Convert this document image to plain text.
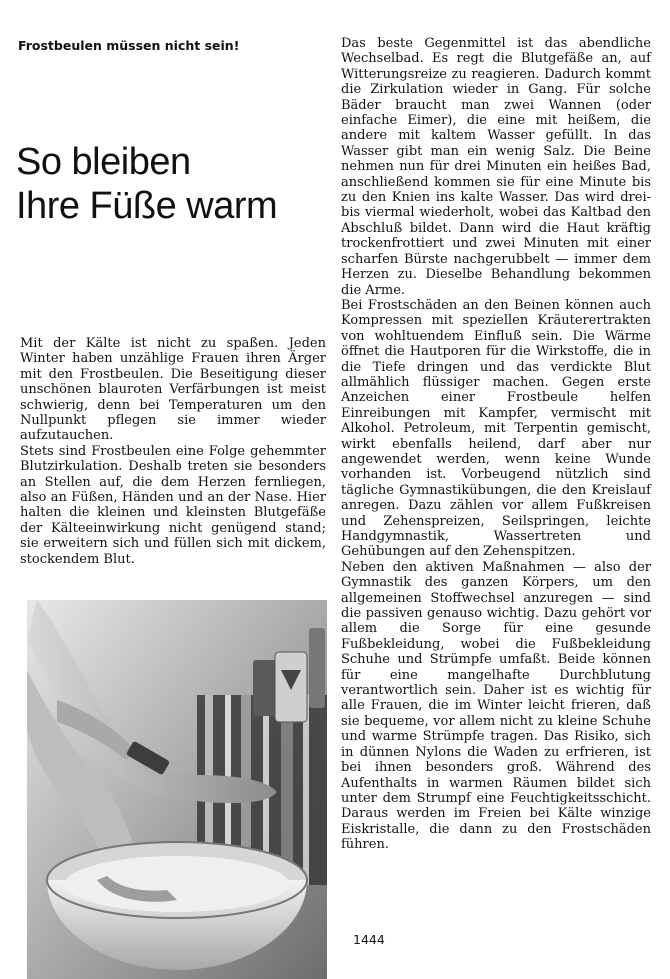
Frostbeulen müssen nicht sein!
So bleiben
Ihre Füße warm

Mit der Kälte ist nicht zu spaßen. Jeden Winter haben unzählige Frauen ihren Ärger mit den Frostbeulen. Die Beseitigung dieser unschönen blauroten Verfärbungen ist meist schwierig, denn bei Temperaturen um den Nullpunkt pflegen sie immer wieder aufzutauchen.

Stets sind Frostbeulen eine Folge gehemmter Blutzirkulation. Deshalb treten sie besonders an Stellen auf, die dem Herzen fernliegen, also an Füßen, Händen und an der Nase. Hier halten die kleinen und kleinsten Blutgefäße der Kälteeinwirkung nicht genügend stand; sie erweitern sich und füllen sich mit dickem, stockendem Blut.

Das beste Gegenmittel ist das abendliche Wechselbad. Es regt die Blutgefäße an, auf Witterungsreize zu reagieren. Dadurch kommt die Zirkulation wieder in Gang. Für solche Bäder braucht man zwei Wannen (oder einfache Eimer), die eine mit heißem, die andere mit kaltem Wasser gefüllt. In das Wasser gibt man ein wenig Salz. Die Beine nehmen nun für drei Minuten ein heißes Bad, anschließend kommen sie für eine Minute bis zu den Knien ins kalte Wasser. Das wird drei- bis viermal wiederholt, wobei das Kaltbad den Abschluß bildet. Dann wird die Haut kräftig trockenfrottiert und zwei Minuten mit einer scharfen Bürste nachgerubbelt — immer dem Herzen zu. Dieselbe Behandlung bekommen die Arme.

Bei Frostschäden an den Beinen können auch Kompressen mit speziellen Kräuterertrakten von wohltuendem Einfluß sein. Die Wärme öffnet die Hautporen für die Wirkstoffe, die in die Tiefe dringen und das verdickte Blut allmählich flüssiger machen. Gegen erste Anzeichen einer Frostbeule helfen Einreibungen mit Kampfer, vermischt mit Alkohol. Petroleum, mit Terpentin gemischt, wirkt ebenfalls heilend, darf aber nur angewendet werden, wenn keine Wunde vorhanden ist. Vorbeugend nützlich sind tägliche Gymnastikübungen, die den Kreislauf anregen. Dazu zählen vor allem Fußkreisen und Zehenspreizen, Seilspringen, leichte Handgymnastik, Wassertreten und Gehübungen auf den Zehenspitzen.

Neben den aktiven Maßnahmen — also der Gymnastik des ganzen Körpers, um den allgemeinen Stoffwechsel anzuregen — sind die passiven genauso wichtig. Dazu gehört vor allem die Sorge für eine gesunde Fußbekleidung, wobei die Fußbekleidung Schuhe und Strümpfe umfaßt. Beide können für eine mangelhafte Durchblutung verantwortlich sein. Daher ist es wichtig für alle Frauen, die im Winter leicht frieren, daß sie bequeme, vor allem nicht zu kleine Schuhe und warme Strümpfe tragen. Das Risiko, sich in dünnen Nylons die Waden zu erfrieren, ist bei ihnen besonders groß. Während des Aufenthalts in warmen Räumen bildet sich unter dem Strumpf eine Feuchtigkeitsschicht. Daraus werden im Freien bei Kälte winzige Eiskristalle, die dann zu den Frostschäden führen.

1444
